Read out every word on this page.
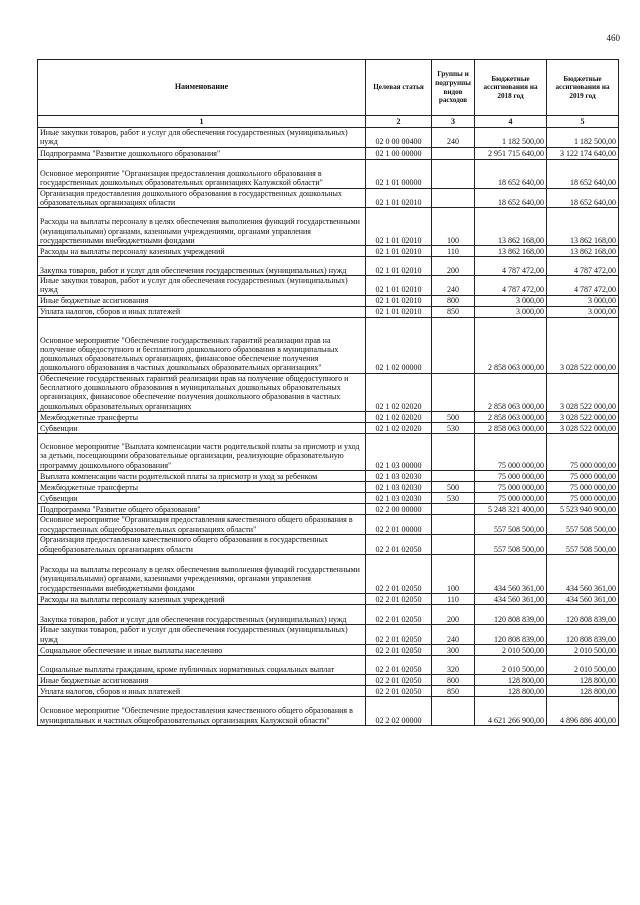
460
Наименование	Целевая статья	Группы и подгруппы видов расходов	Бюджетные ассигнования на 2018 год	Бюджетные ассигнования на 2019 год
1	2	3	4	5
Иные закупки товаров, работ и услуг для обеспечения государственных (муниципальных) нужд	02 0 00 00400	240	1 182 500,00	1 182 500,00
Подпрограмма "Развитие дошкольного образования"	02 1 00 00000		2 951 715 640,00	3 122 174 640,00
Основное мероприятие "Организация предоставления дошкольного образования в государственных дошкольных образовательных организациях Калужской области"	02 1 01 00000		18 652 640,00	18 652 640,00
Организация предоставления дошкольного образования в государственных дошкольных образовательных организациях области	02 1 01 02010		18 652 640,00	18 652 640,00
Расходы на выплаты персоналу в целях обеспечения выполнения функций государственными (муниципальными) органами, казенными учреждениями, органами управления государственными внебюджетными фондами	02 1 01 02010	100	13 862 168,00	13 862 168,00
Расходы на выплаты персоналу казенных учреждений	02 1 01 02010	110	13 862 168,00	13 862 168,00
Закупка товаров, работ и услуг для обеспечения государственных (муниципальных) нужд	02 1 01 02010	200	4 787 472,00	4 787 472,00
Иные закупки товаров, работ и услуг для обеспечения государственных (муниципальных) нужд	02 1 01 02010	240	4 787 472,00	4 787 472,00
Иные бюджетные ассигнования	02 1 01 02010	800	3 000,00	3 000,00
Уплата налогов, сборов и иных платежей	02 1 01 02010	850	3 000,00	3 000,00
Основное мероприятие "Обеспечение государственных гарантий реализации прав на получение общедоступного и бесплатного дошкольного образования в муниципальных дошкольных образовательных организациях, финансовое обеспечение получения дошкольного образования в частных дошкольных образовательных организациях"	02 1 02 00000		2 858 063 000,00	3 028 522 000,00
Обеспечение государственных гарантий реализации прав на получение общедоступного и бесплатного дошкольного образования в муниципальных дошкольных образовательных организациях, финансовое обеспечение получения дошкольного образования в частных дошкольных образовательных организациях	02 1 02 02020		2 858 063 000,00	3 028 522 000,00
Межбюджетные трансферты	02 1 02 02020	500	2 858 063 000,00	3 028 522 000,00
Субвенции	02 1 02 02020	530	2 858 063 000,00	3 028 522 000,00
Основное мероприятие "Выплата компенсации части родительской платы за присмотр и уход за детьми, посещающими образовательные организации, реализующие образовательную программу дошкольного образования"	02 1 03 00000		75 000 000,00	75 000 000,00
Выплата компенсации части родительской платы за присмотр и уход за ребенком	02 1 03 02030		75 000 000,00	75 000 000,00
Межбюджетные трансферты	02 1 03 02030	500	75 000 000,00	75 000 000,00
Субвенции	02 1 03 02030	530	75 000 000,00	75 000 000,00
Подпрограмма "Развитие общего образования"	02 2 00 00000		5 248 321 400,00	5 523 940 900,00
Основное мероприятие "Организация предоставления качественного общего образования в государственных общеобразовательных организациях области"	02 2 01 00000		557 508 500,00	557 508 500,00
Организация предоставления качественного общего образования в государственных общеобразовательных организациях области	02 2 01 02050		557 508 500,00	557 508 500,00
Расходы на выплаты персоналу в целях обеспечения выполнения функций государственными (муниципальными) органами, казенными учреждениями, органами управления государственными внебюджетными фондами	02 2 01 02050	100	434 560 361,00	434 560 361,00
Расходы на выплаты персоналу казенных учреждений	02 2 01 02050	110	434 560 361,00	434 560 361,00
Закупка товаров, работ и услуг для обеспечения государственных (муниципальных) нужд	02 2 01 02050	200	120 808 839,00	120 808 839,00
Иные закупки товаров, работ и услуг для обеспечения государственных (муниципальных) нужд	02 2 01 02050	240	120 808 839,00	120 808 839,00
Социальное обеспечение и иные выплаты населению	02 2 01 02050	300	2 010 500,00	2 010 500,00
Социальные выплаты гражданам, кроме публичных нормативных социальных выплат	02 2 01 02050	320	2 010 500,00	2 010 500,00
Иные бюджетные ассигнования	02 2 01 02050	800	128 800,00	128 800,00
Уплата налогов, сборов и иных платежей	02 2 01 02050	850	128 800,00	128 800,00
Основное мероприятие "Обеспечение предоставления качественного общего образования в муниципальных и частных общеобразовательных организациях Калужской области"	02 2 02 00000		4 621 266 900,00	4 896 886 400,00
